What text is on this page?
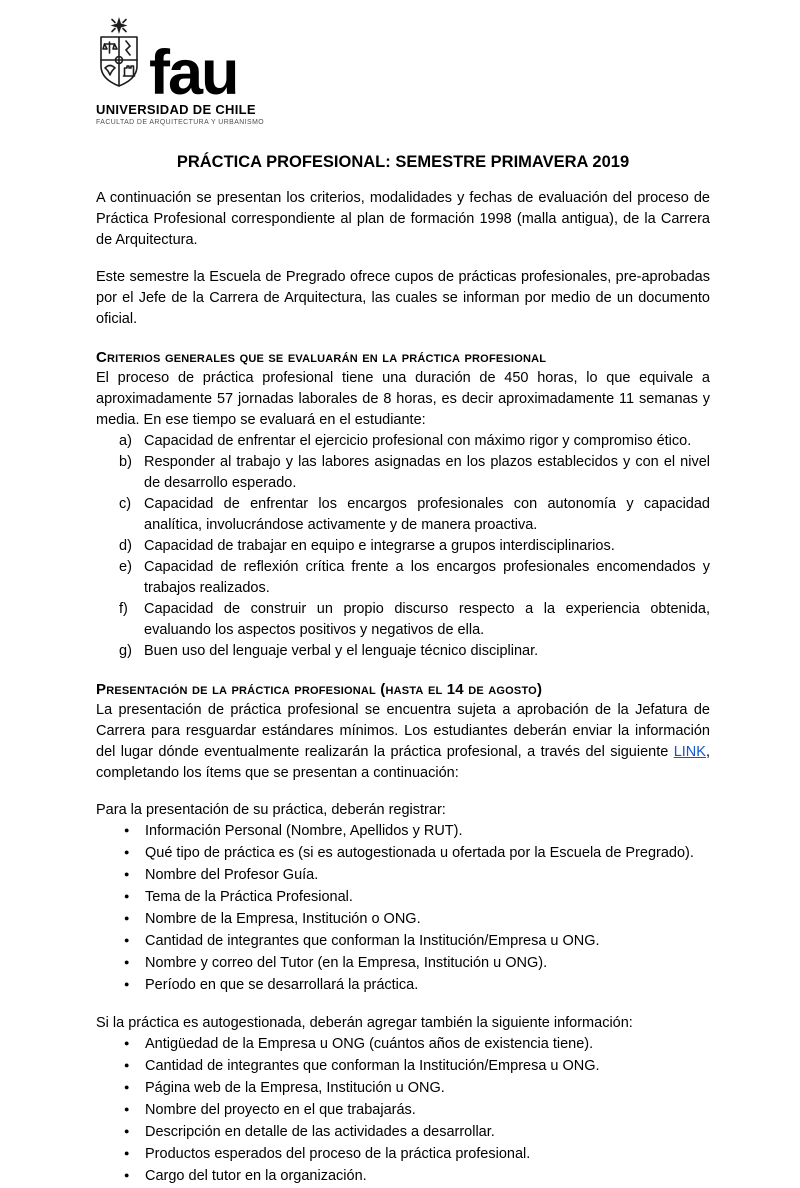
fau
UNIVERSIDAD DE CHILE
FACULTAD DE ARQUITECTURA Y URBANISMO
PRÁCTICA PROFESIONAL: SEMESTRE PRIMAVERA 2019

A continuación se presentan los criterios, modalidades y fechas de evaluación del proceso de Práctica Profesional correspondiente al plan de formación 1998 (malla antigua), de la Carrera de Arquitectura.

Este semestre la Escuela de Pregrado ofrece cupos de prácticas profesionales, pre-aprobadas por el Jefe de la Carrera de Arquitectura, las cuales se informan por medio de un documento oficial.

Criterios generales que se evaluarán en la práctica profesional

El proceso de práctica profesional tiene una duración de 450 horas, lo que equivale a aproximadamente 57 jornadas laborales de 8 horas, es decir aproximadamente 11 semanas y media. En ese tiempo se evaluará en el estudiante:

a) Capacidad de enfrentar el ejercicio profesional con máximo rigor y compromiso ético.
b) Responder al trabajo y las labores asignadas en los plazos establecidos y con el nivel de desarrollo esperado.
c) Capacidad de enfrentar los encargos profesionales con autonomía y capacidad analítica, involucrándose activamente y de manera proactiva.
d) Capacidad de trabajar en equipo e integrarse a grupos interdisciplinarios.
e) Capacidad de reflexión crítica frente a los encargos profesionales encomendados y trabajos realizados.
f)	Capacidad de construir un propio discurso respecto a la experiencia obtenida, evaluando los aspectos positivos y negativos de ella.
g) Buen uso del lenguaje verbal y el lenguaje técnico disciplinar.
Presentación de la práctica profesional (hasta el 14 de agosto)

La presentación de práctica profesional se encuentra sujeta a aprobación de la Jefatura de Carrera para resguardar estándares mínimos. Los estudiantes deberán enviar la información del lugar dónde eventualmente realizarán la práctica profesional, a través del siguiente LINK, completando los ítems que se presentan a continuación:

Para la presentación de su práctica, deberán registrar:

●
Información Personal (Nombre, Apellidos y RUT).
●
Qué tipo de práctica es (si es autogestionada u ofertada por la Escuela de Pregrado).
●
Nombre del Profesor Guía.
●
Tema de la Práctica Profesional.
●
Nombre de la Empresa, Institución o ONG.
●
Cantidad de integrantes que conforman la Institución/Empresa u ONG.
●
Nombre y correo del Tutor (en la Empresa, Institución u ONG).
●
Período en que se desarrollará la práctica.

Si la práctica es autogestionada, deberán agregar también la siguiente información:

●
Antigüedad de la Empresa u ONG (cuántos años de existencia tiene).
●
Cantidad de integrantes que conforman la Institución/Empresa u ONG.
●
Página web de la Empresa, Institución u ONG.
●
Nombre del proyecto en el que trabajarás.
●
Descripción en detalle de las actividades a desarrollar.
●
Productos esperados del proceso de la práctica profesional.
●
Cargo del tutor en la organización.
